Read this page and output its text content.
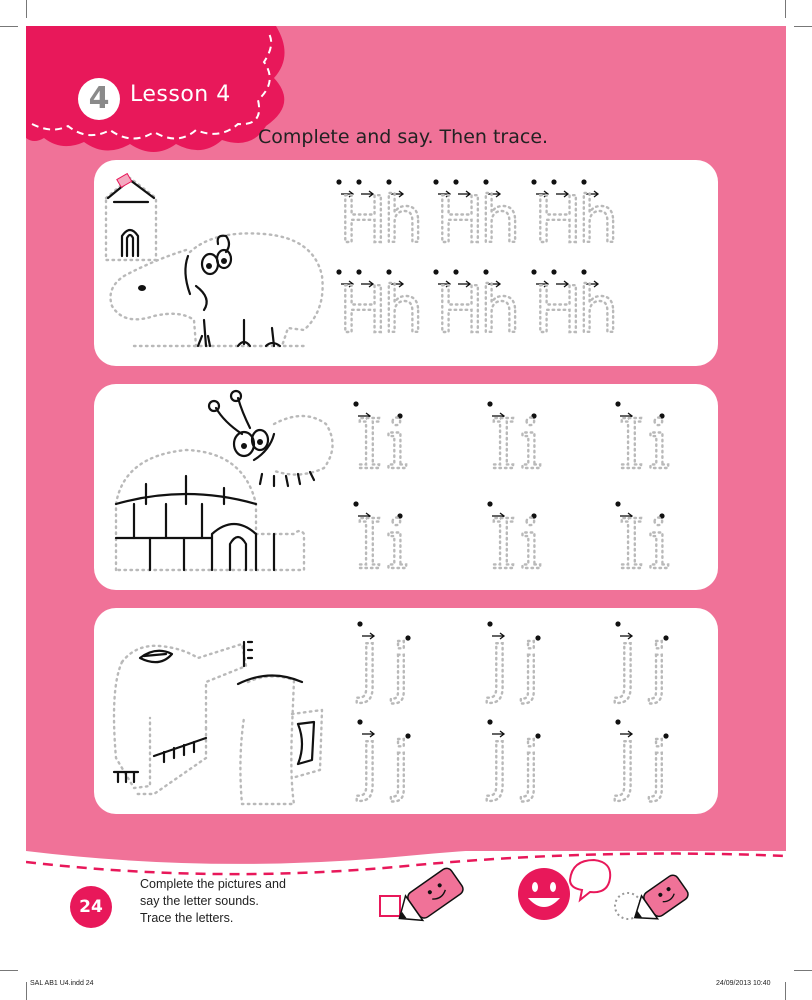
4 Lesson 4
Complete and say. Then trace.
H
h H
h H
h
H
h H
h H
h
I i I i I i
I i I i I i
J j J j J j
J j J j J j
24
Complete the pictures and
say the letter sounds.
Trace the letters.
SAL AB1 U4.indd 24	24/09/2013 10:40
